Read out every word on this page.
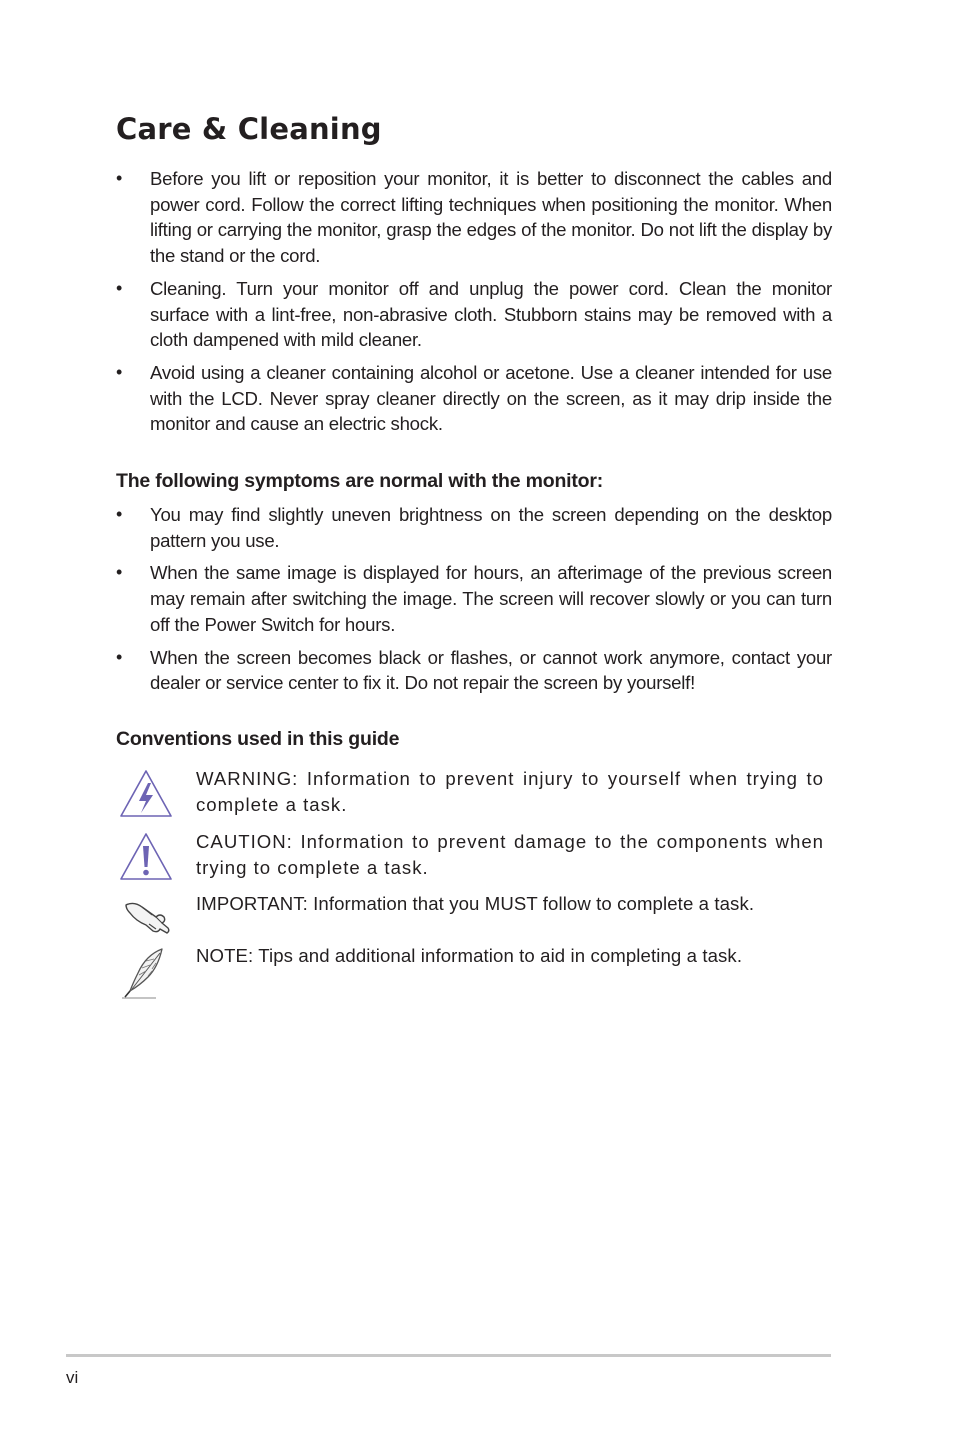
Care & Cleaning
• Before you lift or reposition your monitor, it is better to disconnect the cables and power cord. Follow the correct lifting techniques when positioning the monitor. When lifting or carrying the monitor, grasp the edges of the monitor. Do not lift the display by the stand or the cord.
• Cleaning. Turn your monitor off and unplug the power cord. Clean the monitor surface with a lint-free, non-abrasive cloth. Stubborn stains may be removed with a cloth dampened with mild cleaner.
• Avoid using a cleaner containing alcohol or acetone. Use a cleaner intended for use with the LCD. Never spray cleaner directly on the screen, as it may drip inside the monitor and cause an electric shock.
The following symptoms are normal with the monitor:
• You may find slightly uneven brightness on the screen depending on the desktop pattern you use.
• When the same image is displayed for hours, an afterimage of the previous screen may remain after switching the image. The screen will recover slowly or you can turn off the Power Switch for hours.
• When the screen becomes black or flashes, or cannot work anymore, contact your dealer or service center to fix it. Do not repair the screen by yourself!
Conventions used in this guide
WARNING: Information to prevent injury to yourself when trying to complete a task.
CAUTION: Information to prevent damage to the components when trying to complete a task.
IMPORTANT: Information that you MUST follow to complete a task.
NOTE: Tips and additional information to aid in completing a task.
vi
